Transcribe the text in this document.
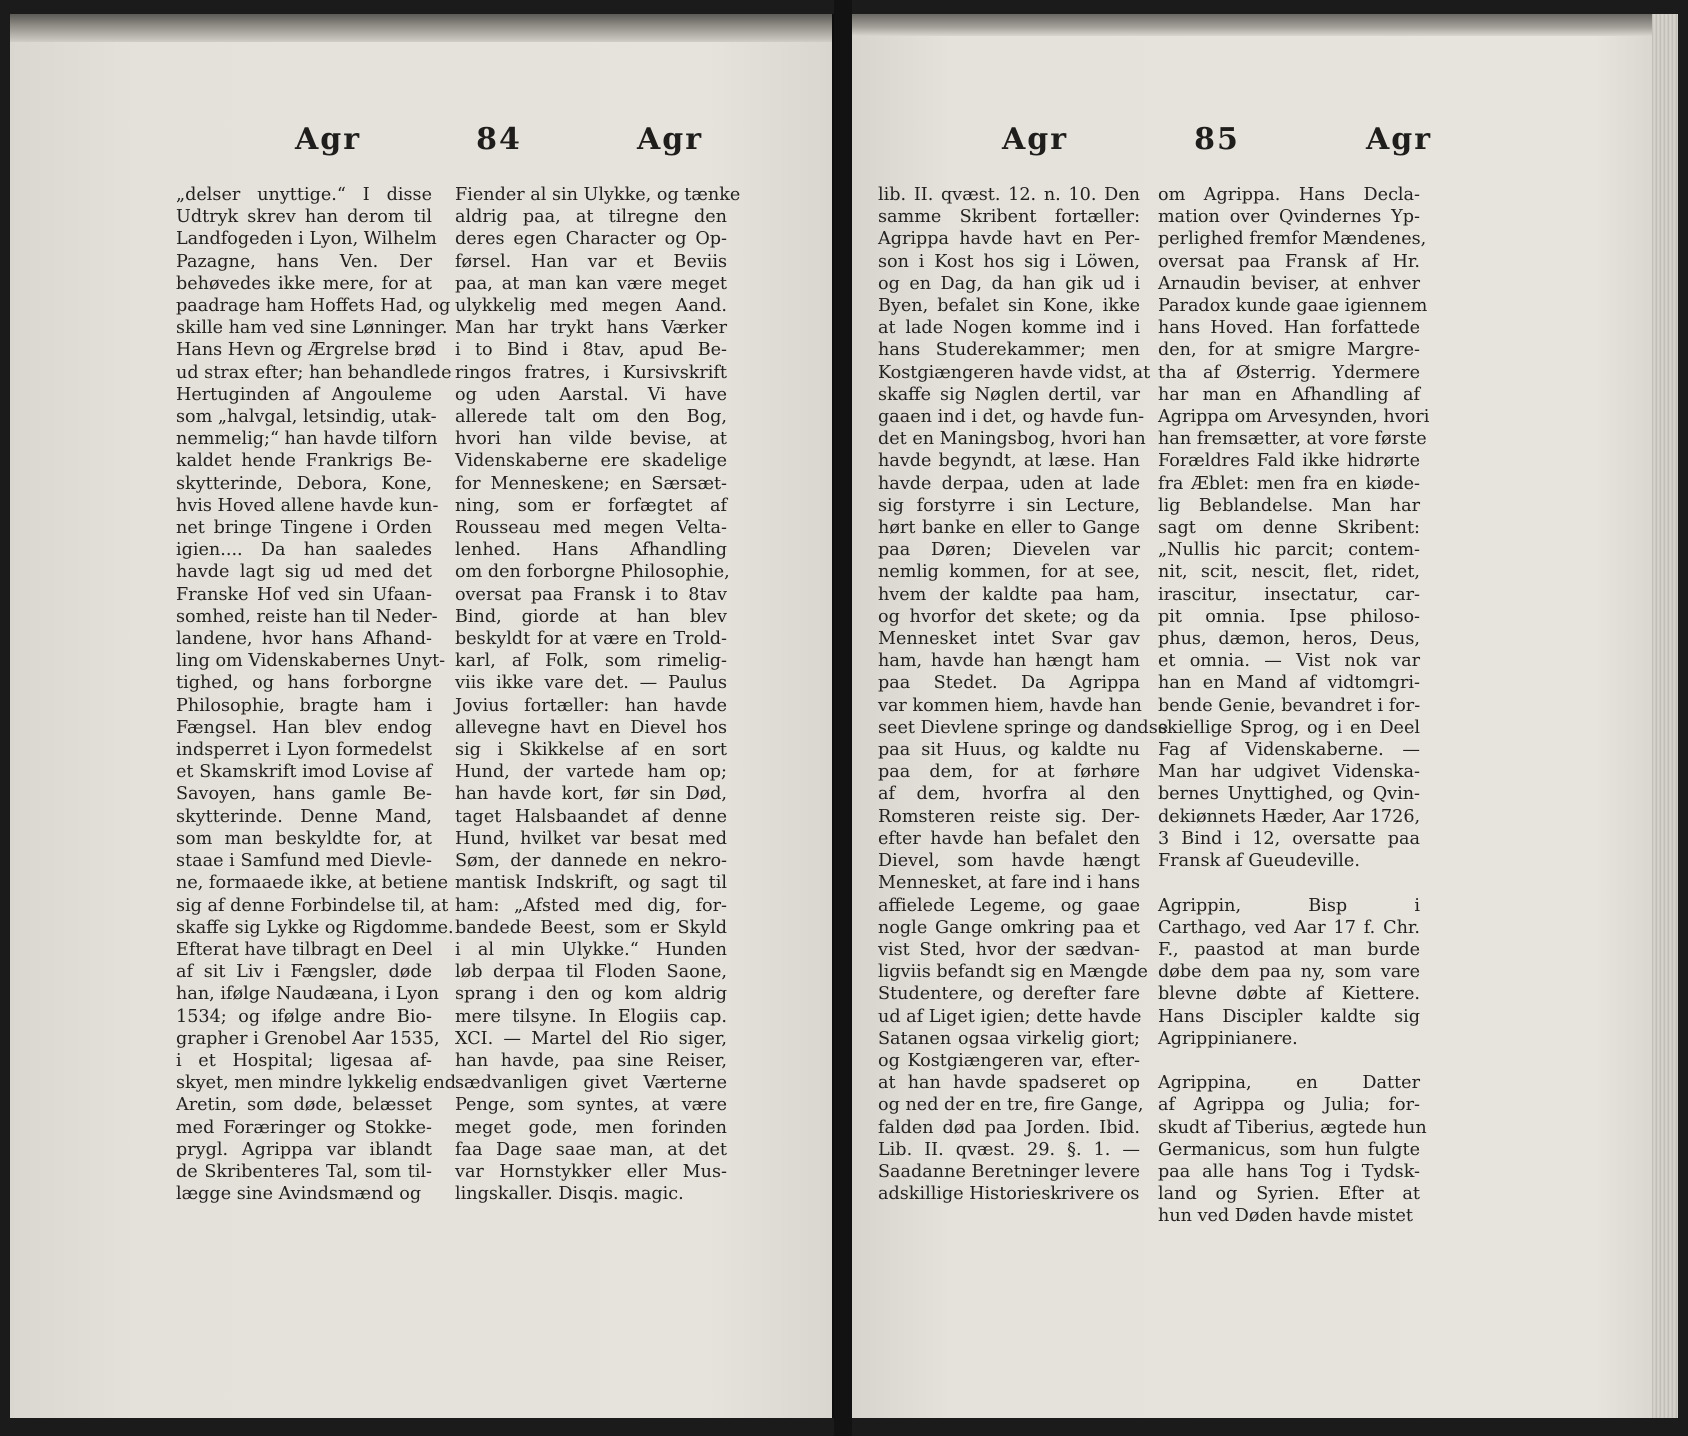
Agr	84	Agr
„delser unyttige.“ I disse
Udtryk skrev han derom til
Landfogeden i Lyon, Wilhelm
Pazagne, hans Ven. Der
behøvedes ikke mere, for at
paadrage ham Hoffets Had, og
skille ham ved sine Lønninger.
Hans Hevn og Ærgrelse brød
ud strax efter; han behandlede
Hertuginden af Angouleme
som „halvgal, letsindig, utak-
nemmelig;“ han havde tilforn
kaldet hende Frankrigs Be-
skytterinde, Debora, Kone,
hvis Hoved allene havde kun-
net bringe Tingene i Orden
igien.... Da han saaledes
havde lagt sig ud med det
Franske Hof ved sin Ufaan-
somhed, reiste han til Neder-
landene, hvor hans Afhand-
ling om Videnskabernes Unyt-
tighed, og hans forborgne
Philosophie, bragte ham i
Fængsel. Han blev endog
indsperret i Lyon formedelst
et Skamskrift imod Lovise af
Savoyen, hans gamle Be-
skytterinde. Denne Mand,
som man beskyldte for, at
staae i Samfund med Dievle-
ne, formaaede ikke, at betiene
sig af denne Forbindelse til, at
skaffe sig Lykke og Rigdomme.
Efterat have tilbragt en Deel
af sit Liv i Fængsler, døde
han, ifølge Naudæana, i Lyon
1534; og ifølge andre Bio-
grapher i Grenobel Aar 1535,
i et Hospital; ligesaa af-
skyet, men mindre lykkelig end
Aretin, som døde, belæsset
med Foræringer og Stokke-
prygl. Agrippa var iblandt
de Skribenteres Tal, som til-
lægge sine Avindsmænd og
Fiender al sin Ulykke, og tænke
aldrig paa, at tilregne den
deres egen Character og Op-
førsel. Han var et Beviis
paa, at man kan være meget
ulykkelig med megen Aand.
Man har trykt hans Værker
i to Bind i 8tav, apud Be-
ringos fratres, i Kursivskrift
og uden Aarstal. Vi have
allerede talt om den Bog,
hvori han vilde bevise, at
Videnskaberne ere skadelige
for Menneskene; en Særsæt-
ning, som er forfægtet af
Rousseau med megen Velta-
lenhed. Hans Afhandling
om den forborgne Philosophie,
oversat paa Fransk i to 8tav
Bind, giorde at han blev
beskyldt for at være en Trold-
karl, af Folk, som rimelig-
viis ikke vare det. — Paulus
Jovius fortæller: han havde
allevegne havt en Dievel hos
sig i Skikkelse af en sort
Hund, der vartede ham op;
han havde kort, før sin Død,
taget Halsbaandet af denne
Hund, hvilket var besat med
Søm, der dannede en nekro-
mantisk Indskrift, og sagt til
ham: „Afsted med dig, for-
bandede Beest, som er Skyld
i al min Ulykke.“ Hunden
løb derpaa til Floden Saone,
sprang i den og kom aldrig
mere tilsyne. In Elogiis cap.
XCI. — Martel del Rio siger,
han havde, paa sine Reiser,
sædvanligen givet Værterne
Penge, som syntes, at være
meget gode, men forinden
faa Dage saae man, at det
var Hornstykker eller Mus-
lingskaller. Disqis. magic.
Agr	85	Agr
lib. II. qvæst. 12. n. 10. Den
samme Skribent fortæller:
Agrippa havde havt en Per-
son i Kost hos sig i Löwen,
og en Dag, da han gik ud i
Byen, befalet sin Kone, ikke
at lade Nogen komme ind i
hans Studerekammer; men
Kostgiængeren havde vidst, at
skaffe sig Nøglen dertil, var
gaaen ind i det, og havde fun-
det en Maningsbog, hvori han
havde begyndt, at læse. Han
havde derpaa, uden at lade
sig forstyrre i sin Lecture,
hørt banke en eller to Gange
paa Døren; Dievelen var
nemlig kommen, for at see,
hvem der kaldte paa ham,
og hvorfor det skete; og da
Mennesket intet Svar gav
ham, havde han hængt ham
paa Stedet. Da Agrippa
var kommen hiem, havde han
seet Dievlene springe og dandse
paa sit Huus, og kaldte nu
paa dem, for at førhøre
af dem, hvorfra al den
Romsteren reiste sig. Der-
efter havde han befalet den
Dievel, som havde hængt
Mennesket, at fare ind i hans
affielede Legeme, og gaae
nogle Gange omkring paa et
vist Sted, hvor der sædvan-
ligviis befandt sig en Mængde
Studentere, og derefter fare
ud af Liget igien; dette havde
Satanen ogsaa virkelig giort;
og Kostgiængeren var, efter-
at han havde spadseret op
og ned der en tre, fire Gange,
falden død paa Jorden. Ibid.
Lib. II. qvæst. 29. §. 1. —
Saadanne Beretninger levere
adskillige Historieskrivere os
om Agrippa. Hans Decla-
mation over Qvindernes Yp-
perlighed fremfor Mændenes,
oversat paa Fransk af Hr.
Arnaudin beviser, at enhver
Paradox kunde gaae igiennem
hans Hoved. Han forfattede
den, for at smigre Margre-
tha af Østerrig. Ydermere
har man en Afhandling af
Agrippa om Arvesynden, hvori
han fremsætter, at vore første
Forældres Fald ikke hidrørte
fra Æblet: men fra en kiøde-
lig Beblandelse. Man har
sagt om denne Skribent:
„Nullis hic parcit; contem-
nit, scit, nescit, flet, ridet,
irascitur, insectatur, car-
pit omnia. Ipse philoso-
phus, dæmon, heros, Deus,
et omnia. — Vist nok var
han en Mand af vidtomgri-
bende Genie, bevandret i for-
skiellige Sprog, og i en Deel
Fag af Videnskaberne. —
Man har udgivet Videnska-
bernes Unyttighed, og Qvin-
dekiønnets Hæder, Aar 1726,
3 Bind i 12, oversatte paa
Fransk af Gueudeville.

Agrippin, Bisp i
Carthago, ved Aar 17 f. Chr.
F., paastod at man burde
døbe dem paa ny, som vare
blevne døbte af Kiettere.
Hans Discipler kaldte sig
Agrippinianere.

Agrippina, en Datter
af Agrippa og Julia; for-
skudt af Tiberius, ægtede hun
Germanicus, som hun fulgte
paa alle hans Tog i Tydsk-
land og Syrien. Efter at
hun ved Døden havde mistet
